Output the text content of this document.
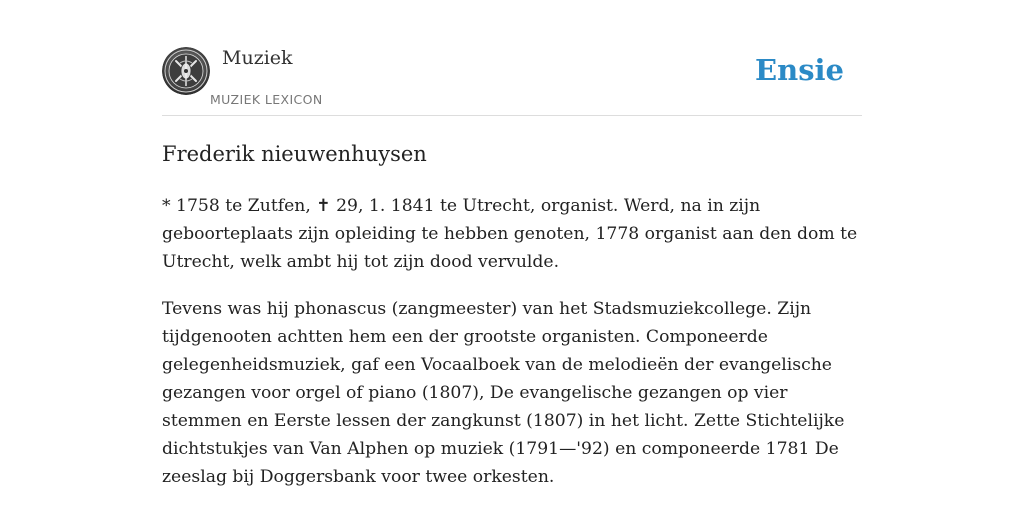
Muziek
MUZIEK LEXICON
Ensie
Frederik nieuwenhuysen

* 1758 te Zutfen, ✝ 29, 1. 1841 te Utrecht, organist. Werd, na in zijn geboorteplaats zijn opleiding te hebben genoten, 1778 organist aan den dom te Utrecht, welk ambt hij tot zijn dood vervulde.

Tevens was hij phonascus (zangmeester) van het Stadsmuziekcollege. Zijn tijdgenooten achtten hem een der grootste organisten. Componeerde gelegenheidsmuziek, gaf een Vocaalboek van de melodieën der evangelische gezangen voor orgel of piano (1807), De evangelische gezangen op vier stemmen en Eerste lessen der zangkunst (1807) in het licht. Zette Stichtelijke dichtstukjes van Van Alphen op muziek (1791—'92) en componeerde 1781 De zeeslag bij Doggersbank voor twee orkesten.
